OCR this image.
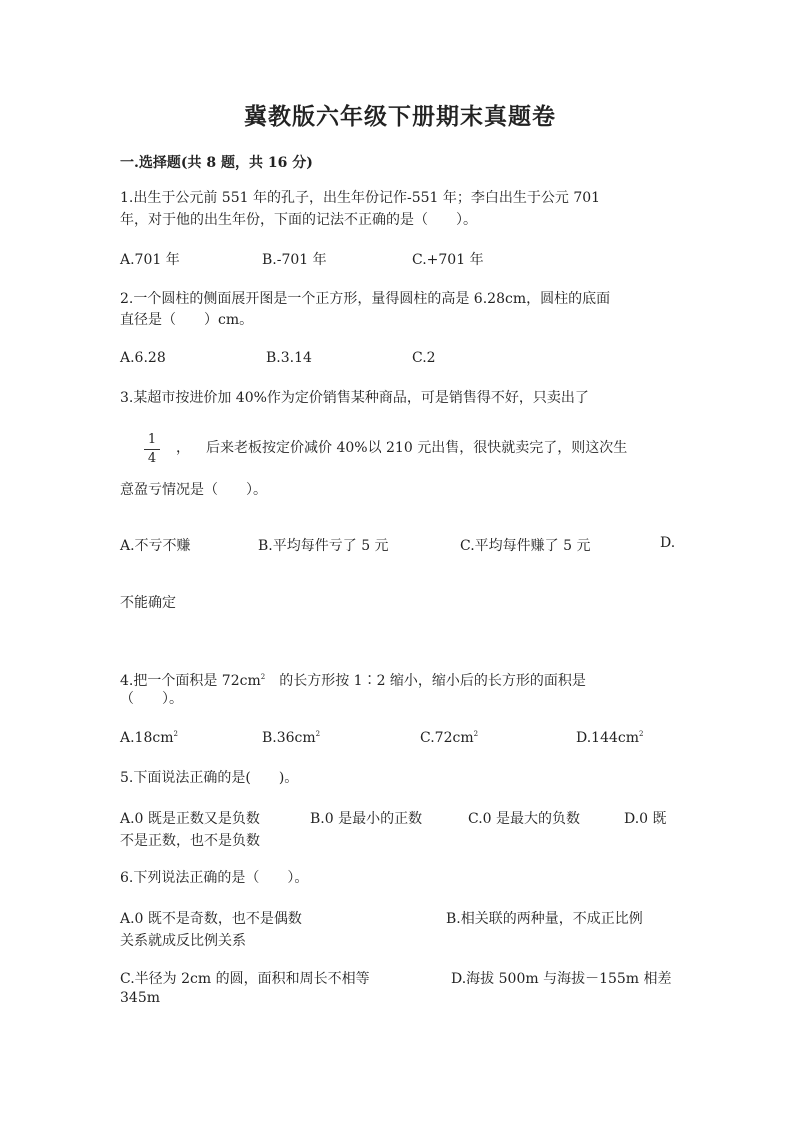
冀教版六年级下册期末真题卷
一.选择题(共 8 题，共 16 分)
1.出生于公元前 551 年的孔子，出生年份记作-551 年；李白出生于公元 701
年，对于他的出生年份，下面的记法不正确的是（　　）。
A.701 年	B.-701 年	C.+701 年
2.一个圆柱的侧面展开图是一个正方形，量得圆柱的高是 6.28cm，圆柱的底面
直径是（　　）cm。
A.6.28	B.3.14	C.2
3.某超市按进价加 40%作为定价销售某种商品，可是销售得不好，只卖出了
1
4
， 后来老板按定价减价 40%以 210 元出售，很快就卖完了，则这次生
意盈亏情况是（　　）。
A.不亏不赚	B.平均每件亏了 5 元	C.平均每件赚了 5 元	D.
不能确定
4.把一个面积是 $72cm^2$ 的长方形按 1∶2 缩小，缩小后的长方形的面积是
（　　）。
$A.18cm^2$	$B.36cm^2$	$C.72cm^2$	$D.144cm^2$
5.下面说法正确的是(　　)。
A.0 既是正数又是负数	B.0 是最小的正数	C.0 是最大的负数	D.0 既
不是正数，也不是负数
6.下列说法正确的是（　　）。
A.0 既不是奇数，也不是偶数	B.相关联的两种量，不成正比例
关系就成反比例关系
C.半径为 2cm 的圆，面积和周长不相等	D.海拔 500m 与海拔－155m 相差
345m
